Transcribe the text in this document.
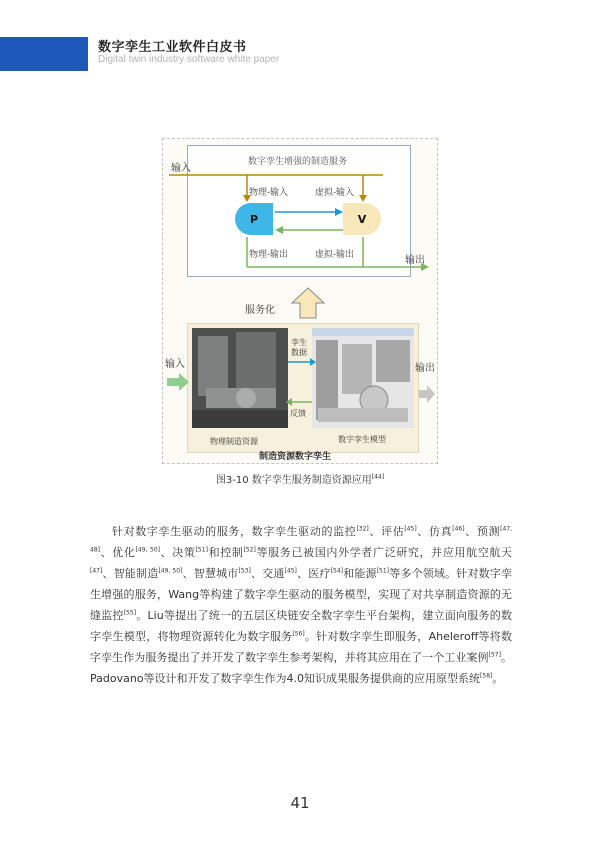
数字孪生工业软件白皮书
Digital twin industry software white paper
数字孪生增强的制造服务
输入
物理-输入	虚拟-输入
P	V
物理-输出	虚拟-输出	输出
服务化
孪生数据
反馈
物理制造资源	数字孪生模型
输入	输出
制造资源数字孪生
图3-10 数字孪生服务制造资源应用[44]
针对数字孪生驱动的服务，数字孪生驱动的监控[32]、评估[45]、仿真[46]、预测[47, 48]、优化[49, 50]、决策[51]和控制[52]等服务已被国内外学者广泛研究，并应用航空航天[47]、智能制造[49, 50]、智慧城市[53]、交通[45]、医疗[54]和能源[51]等多个领域。针对数字孪生增强的服务，Wang等构建了数字孪生驱动的服务模型，实现了对共享制造资源的无缝监控[55]。Liu等提出了统一的五层区块链安全数字孪生平台架构，建立面向服务的数字孪生模型，将物理资源转化为数字服务[56]。针对数字孪生即服务，Aheleroff等将数字孪生作为服务提出了并开发了数字孪生参考架构，并将其应用在了一个工业案例[57]。Padovano等设计和开发了数字孪生作为4.0知识成果服务提供商的应用原型系统[58]。
41
